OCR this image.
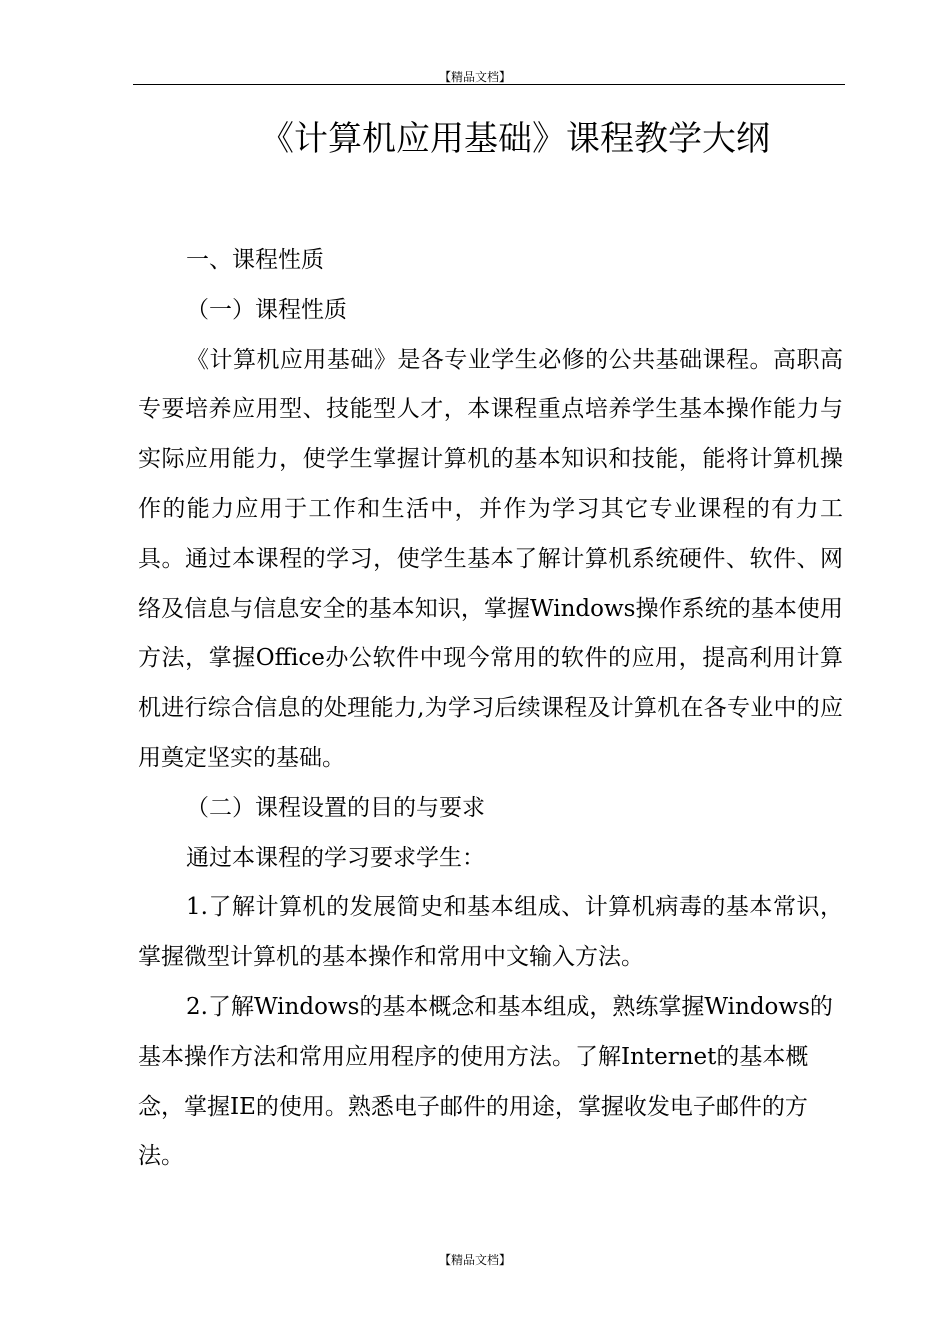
【精品文档】
《计算机应用基础》课程教学大纲

一、课程性质

（一）课程性质

《计算机应用基础》是各专业学生必修的公共基础课程。高职高专要培养应用型、技能型人才，本课程重点培养学生基本操作能力与实际应用能力，使学生掌握计算机的基本知识和技能，能将计算机操作的能力应用于工作和生活中，并作为学习其它专业课程的有力工具。通过本课程的学习，使学生基本了解计算机系统硬件、软件、网络及信息与信息安全的基本知识，掌握Windows操作系统的基本使用方法，掌握Office办公软件中现今常用的软件的应用，提高利用计算机进行综合信息的处理能力,为学习后续课程及计算机在各专业中的应用奠定坚实的基础。

（二）课程设置的目的与要求

通过本课程的学习要求学生：

1.了解计算机的发展简史和基本组成、计算机病毒的基本常识，掌握微型计算机的基本操作和常用中文输入方法。

2.了解Windows的基本概念和基本组成，熟练掌握Windows的基本操作方法和常用应用程序的使用方法。了解Internet的基本概念，掌握IE的使用。熟悉电子邮件的用途，掌握收发电子邮件的方法。

【精品文档】
